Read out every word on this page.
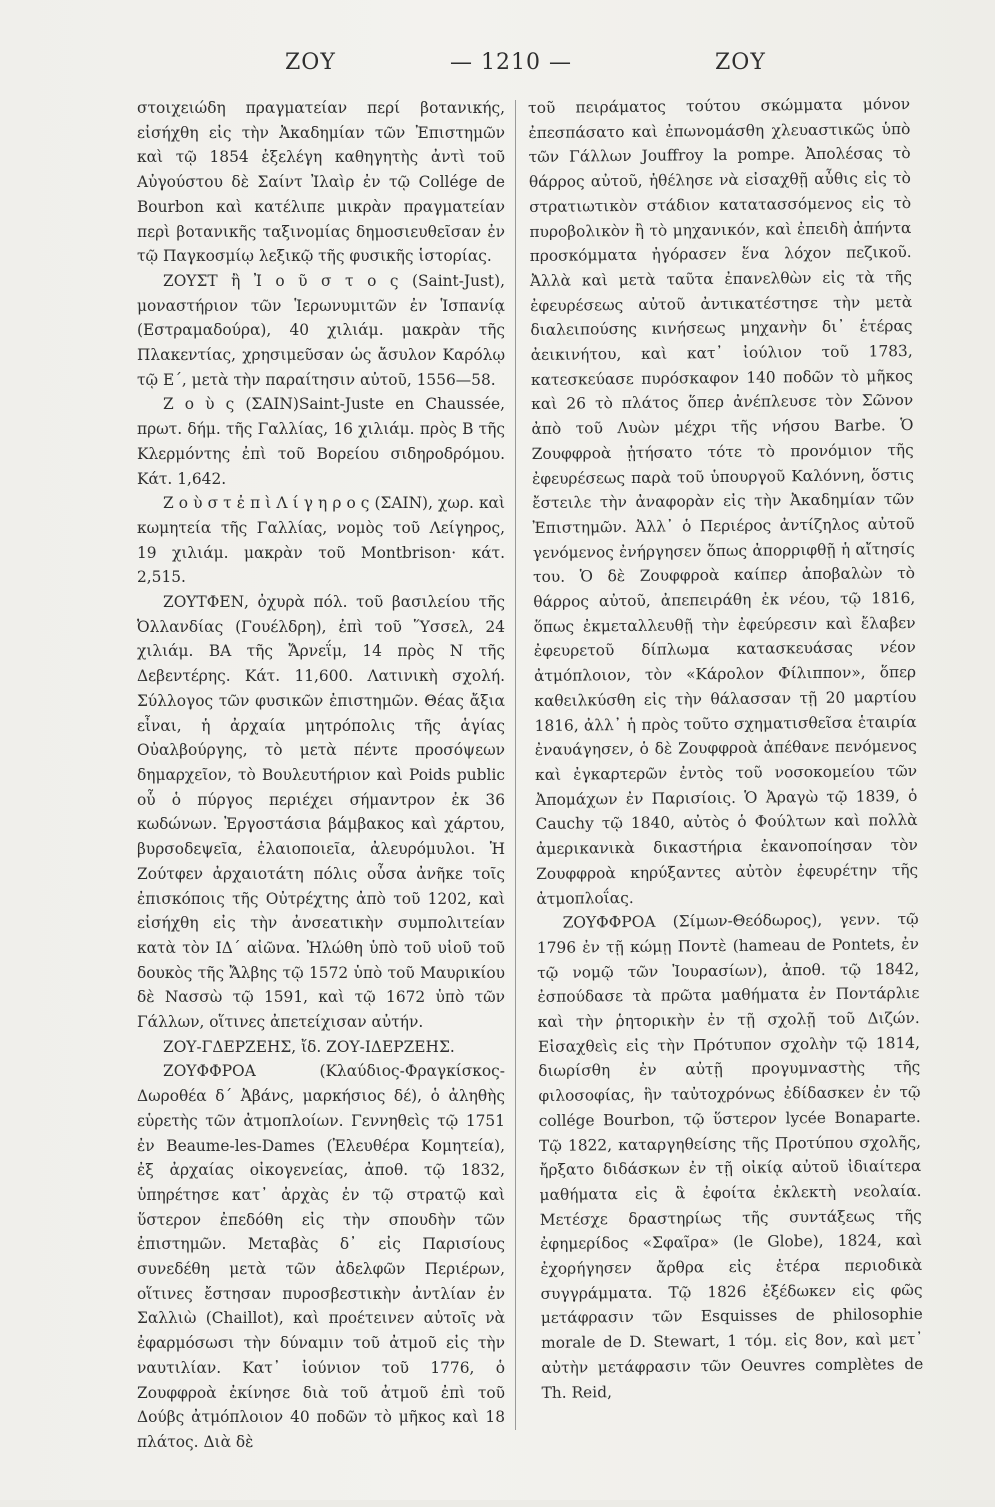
ΖΟΥ	— 1210 —	ΖΟΥ

στοιχειώδη πραγματείαν περί βοτανικής, εἰσήχθη εἰς τὴν Ἀκαδημίαν τῶν Ἐπιστημῶν καὶ τῷ 1854 ἐξελέγη καθηγητὴς ἀντὶ τοῦ Αὐγούστου δὲ Σαίντ Ἰλαὶρ ἐν τῷ Collége de Bourbon καὶ κατέλιπε μικρὰν πραγματείαν περὶ βοτανικῆς ταξινομίας δημοσιευθεῖσαν ἐν τῷ Παγκοσμίῳ λεξικῷ τῆς φυσικῆς ἱστορίας.

ΖΟΥΣΤ ἢ Ἰ ο ῦ σ τ ο ς (Saint-Just), μοναστήριον τῶν Ἱερωνυμιτῶν ἐν Ἱσπανίᾳ (Εστραμαδούρα), 40 χιλιάμ. μακρὰν τῆς Πλακεντίας, χρησιμεῦσαν ὡς ἄσυλον Καρόλῳ τῷ Ε΄, μετὰ τὴν παραίτησιν αὐτοῦ, 1556—58.

Ζ ο ὺ ς (ΣΑΙΝ)Saint-Juste en Chaussée, πρωτ. δήμ. τῆς Γαλλίας, 16 χιλιάμ. πρὸς Β τῆς Κλερμόντης ἐπὶ τοῦ Βορείου σιδηροδρόμου. Κάτ. 1,642.

Ζ ο ὺ σ τ ἐ π ὶ Λ ί γ η ρ ο ς (ΣΑΙΝ), χωρ. καὶ κωμητεία τῆς Γαλλίας, νομὸς τοῦ Λείγηρος, 19 χιλιάμ. μακρὰν τοῦ Montbrison· κάτ. 2,515.

ΖΟΥΤΦΕΝ, ὀχυρὰ πόλ. τοῦ βασιλείου τῆς Ὀλλανδίας (Γουέλδρη), ἐπὶ τοῦ Ὕσσελ, 24 χιλιάμ. ΒΑ τῆς Ἄρνεΐμ, 14 πρὸς Ν τῆς Δεβεντέρης. Κάτ. 11,600. Λατινικὴ σχολή. Σύλλογος τῶν φυσικῶν ἐπιστημῶν. Θέας ἄξια εἶναι, ἡ ἀρχαία μητρόπολις τῆς ἁγίας Οὐαλβούργης, τὸ μετὰ πέντε προσόψεων δημαρχεῖον, τὸ Βουλευτήριον καὶ Poids public οὗ ὁ πύργος περιέχει σήμαντρον ἐκ 36 κωδώνων. Ἐργοστάσια βάμβακος καὶ χάρτου, βυρσοδεψεῖα, ἐλαιοποιεῖα, ἀλευρόμυλοι. Ἡ Ζούτφεν ἀρχαιοτάτη πόλις οὖσα ἀνῆκε τοῖς ἐπισκόποις τῆς Οὐτρέχτης ἀπὸ τοῦ 1202, καὶ εἰσήχθη εἰς τὴν ἀνσεατικὴν συμπολιτείαν κατὰ τὸν ΙΔ΄ αἰῶνα. Ἡλώθη ὑπὸ τοῦ υἱοῦ τοῦ δουκὸς τῆς Ἄλβης τῷ 1572 ὑπὸ τοῦ Μαυρικίου δὲ Νασσὼ τῷ 1591, καὶ τῷ 1672 ὑπὸ τῶν Γάλλων, οἵτινες ἀπετείχισαν αὐτήν.

ΖΟΥ-ΓΔΕΡΖΕΗΣ, ἴδ. ΖΟΥ-ΙΔΕΡΖΕΗΣ.

ΖΟΥΦΦΡΟΑ (Κλαύδιος-Φραγκίσκος-Δωροθέα δ΄ Ἀβάνς, μαρκήσιος δέ), ὁ ἀληθὴς εὑρετὴς τῶν ἀτμοπλοίων. Γεννηθεὶς τῷ 1751 ἐν Beaume-les-Dames (Ἐλευθέρα Κομητεία), ἐξ ἀρχαίας οἰκογενείας, ἀποθ. τῷ 1832, ὑπηρέτησε κατ᾿ ἀρχὰς ἐν τῷ στρατῷ καὶ ὕστερον ἐπεδόθη εἰς τὴν σπουδὴν τῶν ἐπιστημῶν. Μεταβὰς δ᾿ εἰς Παρισίους συνεδέθη μετὰ τῶν ἀδελφῶν Περιέρων, οἵτινες ἔστησαν πυροσβεστικὴν ἀντλίαν ἐν Σαλλιὼ (Chaillot), καὶ προέτεινεν αὐτοῖς νὰ ἐφαρμόσωσι τὴν δύναμιν τοῦ ἀτμοῦ εἰς τὴν ναυτιλίαν. Κατ᾿ ἰούνιον τοῦ 1776, ὁ Ζουφφροὰ ἐκίνησε διὰ τοῦ ἀτμοῦ ἐπὶ τοῦ Δούβς ἀτμόπλοιον 40 ποδῶν τὸ μῆκος καὶ 18 πλάτος. Διὰ δὲ

τοῦ πειράματος τούτου σκώμματα μόνον ἐπεσπάσατο καὶ ἐπωνομάσθη χλευαστικῶς ὑπὸ τῶν Γάλλων Jouffroy la pompe. Ἀπολέσας τὸ θάρρος αὐτοῦ, ἠθέλησε νὰ εἰσαχθῇ αὖθις εἰς τὸ στρατιωτικὸν στάδιον κατατασσόμενος εἰς τὸ πυροβολικὸν ἢ τὸ μηχανικόν, καὶ ἐπειδὴ ἀπήντα προσκόμματα ἠγόρασεν ἕνα λόχον πεζικοῦ. Ἀλλὰ καὶ μετὰ ταῦτα ἐπανελθὼν εἰς τὰ τῆς ἐφευρέσεως αὐτοῦ ἀντικατέστησε τὴν μετὰ διαλειπούσης κινήσεως μηχανὴν δι᾿ ἑτέρας ἀεικινήτου, καὶ κατ᾿ ἰούλιον τοῦ 1783, κατεσκεύασε πυρόσκαφον 140 ποδῶν τὸ μῆκος καὶ 26 τὸ πλάτος ὅπερ ἀνέπλευσε τὸν Σῶνον ἀπὸ τοῦ Λυὼν μέχρι τῆς νήσου Barbe. Ὁ Ζουφφροὰ ᾐτήσατο τότε τὸ προνόμιον τῆς ἐφευρέσεως παρὰ τοῦ ὑπουργοῦ Καλόννη, ὅστις ἔστειλε τὴν ἀναφορὰν εἰς τὴν Ἀκαδημίαν τῶν Ἐπιστημῶν. Ἀλλ᾿ ὁ Περιέρος ἀντίζηλος αὐτοῦ γενόμενος ἐνήργησεν ὅπως ἀπορριφθῇ ἡ αἴτησίς του. Ὁ δὲ Ζουφφροὰ καίπερ ἀποβαλὼν τὸ θάρρος αὐτοῦ, ἀπεπειράθη ἐκ νέου, τῷ 1816, ὅπως ἐκμεταλλευθῇ τὴν ἐφεύρεσιν καὶ ἔλαβεν ἐφευρετοῦ δίπλωμα κατασκευάσας νέον ἀτμόπλοιον, τὸν «Κάρολον Φίλιππον», ὅπερ καθειλκύσθη εἰς τὴν θάλασσαν τῇ 20 μαρτίου 1816, ἀλλ᾿ ἡ πρὸς τοῦτο σχηματισθεῖσα ἑταιρία ἐναυάγησεν, ὁ δὲ Ζουφφροὰ ἀπέθανε πενόμενος καὶ ἐγκαρτερῶν ἐντὸς τοῦ νοσοκομείου τῶν Ἀπομάχων ἐν Παρισίοις. Ὁ Ἀραγὼ τῷ 1839, ὁ Cauchy τῷ 1840, αὐτὸς ὁ Φούλτων καὶ πολλὰ ἀμερικανικὰ δικαστήρια ἐκανοποίησαν τὸν Ζουφφροὰ κηρύξαντες αὐτὸν ἐφευρέτην τῆς ἀτμοπλοΐας.

ΖΟΥΦΦΡΟΑ (Σίμων-Θεόδωρος), γενν. τῷ 1796 ἐν τῇ κώμῃ Ποντὲ (hameau de Pontets, ἐν τῷ νομῷ τῶν Ἰουρασίων), ἀποθ. τῷ 1842, ἐσπούδασε τὰ πρῶτα μαθήματα ἐν Ποντάρλιε καὶ τὴν ῥητορικὴν ἐν τῇ σχολῇ τοῦ Διζών. Εἰσαχθεὶς εἰς τὴν Πρότυπον σχολὴν τῷ 1814, διωρίσθη ἐν αὐτῇ προγυμναστὴς τῆς φιλοσοφίας, ἣν ταὐτοχρόνως ἐδίδασκεν ἐν τῷ collége Bourbon, τῷ ὕστερον lycée Bonaparte. Τῷ 1822, καταργηθείσης τῆς Προτύπου σχολῆς, ἤρξατο διδάσκων ἐν τῇ οἰκίᾳ αὐτοῦ ἰδιαίτερα μαθήματα εἰς ἃ ἐφοίτα ἐκλεκτὴ νεολαία. Μετέσχε δραστηρίως τῆς συντάξεως τῆς ἐφημερίδος «Σφαῖρα» (le Globe), 1824, καὶ ἐχορήγησεν ἄρθρα εἰς ἑτέρα περιοδικὰ συγγράμματα. Τῷ 1826 ἐξέδωκεν εἰς φῶς μετάφρασιν τῶν Esquisses de philosophie morale de D. Stewart, 1 τόμ. εἰς 8ον, καὶ μετ᾿ αὐτὴν μετάφρασιν τῶν Oeuvres complètes de Th. Reid,
